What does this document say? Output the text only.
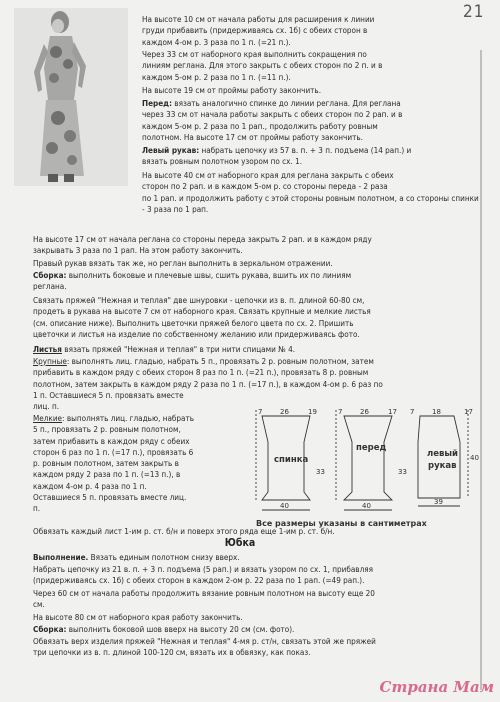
21

На высоте 10 см от начала работы для расширения к линии
груди прибавить (придерживаясь сх. 1б) с обеих сторон в
каждом 4-ом р. 3 раза по 1 п. (=21 п.).

Через 33 см от наборного края выполнить сокращения по
линиям реглана. Для этого закрыть с обеих сторон по 2 п. и в
каждом 5-ом р. 2 раза по 1 п. (=11 п.).

На высоте 19 см от проймы работу закончить.

Перед: вязать аналогично спинке до линии реглана. Для реглана
через 33 см от начала работы закрыть с обеих сторон по 2 рап. и в
каждом 5-ом р. 2 раза по 1 рап., продолжить работу ровным
полотном. На высоте 17 см от проймы работу закончить.

Левый рукав: набрать цепочку из 57 в. п. + 3 п. подъема (14 рап.) и
вязать ровным полотном узором по сх. 1.

На высоте 40 см от наборного края для реглана закрыть с обеих
сторон по 2 рап. и в каждом 5-ом р. со стороны переда - 2 раза
по 1 рап. и продолжить работу с этой стороны ровным полотном, а со стороны спинки
- 3 раза по 1 рап.

На высоте 17 см от начала реглана со стороны переда закрыть 2 рап. и в каждом ряду
закрывать 3 раза по 1 рап. На этом работу закончить.

Правый рукав вязать так же, но реглан выполнить в зеркальном отражении.

Сборка: выполнить боковые и плечевые швы, сшить рукава, вшить их по линиям
реглана.

Связать пряжей "Нежная и теплая" две шнуровки - цепочки из в. п. длиной 60-80 см,
продеть в рукава на высоте 7 см от наборного края. Связать крупные и мелкие листья
(см. описание ниже). Выполнить цветочки пряжей белого цвета по сх. 2. Пришить
цветочки и листья на изделие по собственному желанию или придерживаясь фото.

Листья вязать пряжей "Нежная и теплая" в три нити спицами № 4.

Крупные: выполнять лиц. гладью, набрать 5 п., провязать 2 р. ровным полотном, затем
прибавить в каждом ряду с обеих сторон 8 раз по 1 п. (=21 п.), провязать 8 р. ровным
полотном, затем закрыть в каждом ряду 2 раза по 1 п. (=17 п.), в каждом 4-ом р. 6 раз по
1 п. Оставшиеся 5 п. провязать вместе
лиц. п.

Мелкие: выполнять лиц. гладью, набрать
5 п., провязать 2 р. ровным полотном,
затем прибавить в каждом ряду с обеих
сторон 6 раз по 1 п. (=17 п.), провязать 6
р. ровным полотном, затем закрыть в
каждом ряду 2 раза по 1 п. (=13 п.), в
каждом 4-ом р. 4 раза по 1 п.
Оставшиеся 5 п. провязать вместе лиц.
п.

Обвязать каждый лист 1-им р. ст. б/н и поверх этого ряда еще 1-им р. ст. б/н.

Юбка

Выполнение. Вязать единым полотном снизу вверх.

Набрать цепочку из 21 в. п. + 3 п. подъема (5 рап.) и вязать узором по сх. 1, прибавляя
(придерживаясь сх. 1б) с обеих сторон в каждом 2-ом р. 22 раза по 1 рап. (=49 рап.).

Через 60 см от начала работы продолжить вязание ровным полотном на высоту еще 20
см.

На высоте 80 см от наборного края работу закончить.

Сборка: выполнить боковой шов вверх на высоту 20 см (см. фото).

Обвязать верх изделия пряжей "Нежная и теплая" 4-мя р. ст/н, связать этой же пряжей
три цепочки из в. п. длиной 100-120 см, вязать их в обвязку, как показ.

7	26	19
спинка
33
40
7	26	17
перед
33
40
7	18	17
левый
рукав
40
39
Все размеры указаны в сантиметрах
Страна Мам
